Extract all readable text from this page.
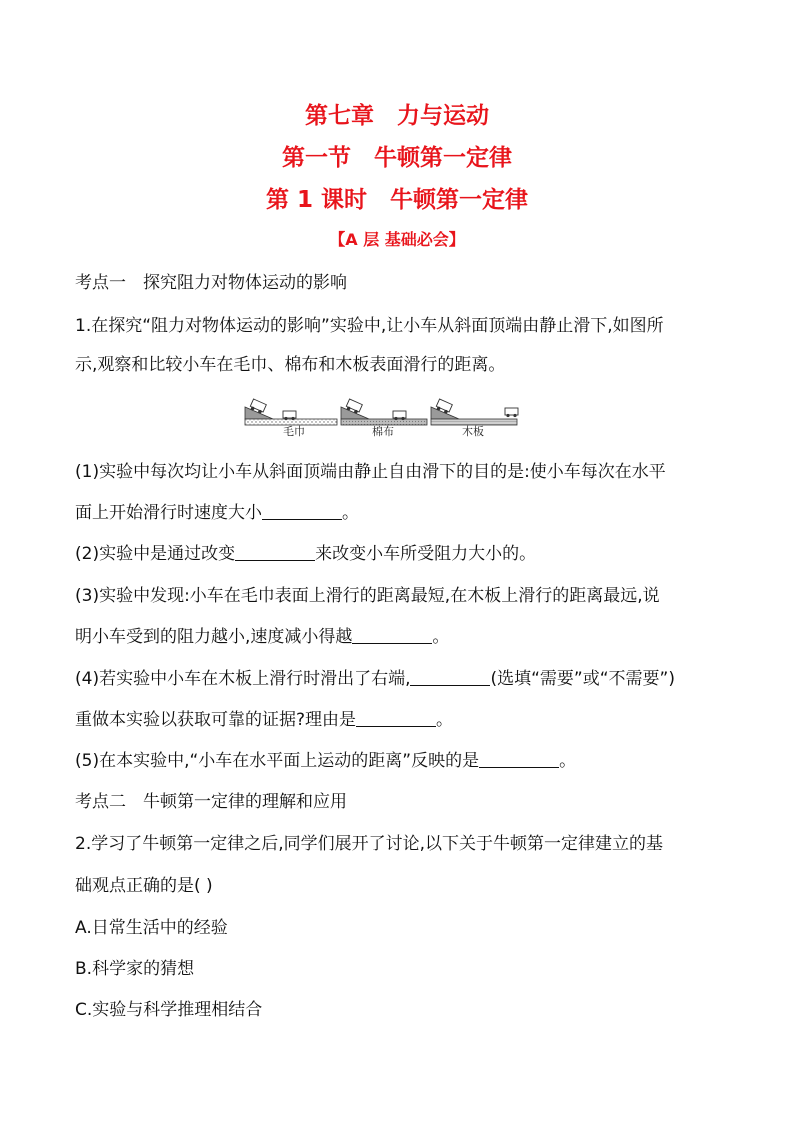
第七章　力与运动
第一节　牛顿第一定律
第 1 课时　牛顿第一定律
【A 层 基础必会】
考点一　探究阻力对物体运动的影响
1.在探究“阻力对物体运动的影响”实验中,让小车从斜面顶端由静止滑下,如图所
示,观察和比较小车在毛巾、棉布和木板表面滑行的距离。
毛巾	棉布	木板
(1)实验中每次均让小车从斜面顶端由静止自由滑下的目的是:使小车每次在水平
面上开始滑行时速度大小	。
(2)实验中是通过改变	来改变小车所受阻力大小的。
(3)实验中发现:小车在毛巾表面上滑行的距离最短,在木板上滑行的距离最远,说
明小车受到的阻力越小,速度减小得越	。
(4)若实验中小车在木板上滑行时滑出了右端,	(选填“需要”或“不需要”)
重做本实验以获取可靠的证据?理由是	。
(5)在本实验中,“小车在水平面上运动的距离”反映的是	。
考点二　牛顿第一定律的理解和应用
2.学习了牛顿第一定律之后,同学们展开了讨论,以下关于牛顿第一定律建立的基
础观点正确的是( )
A.日常生活中的经验
B.科学家的猜想
C.实验与科学推理相结合
